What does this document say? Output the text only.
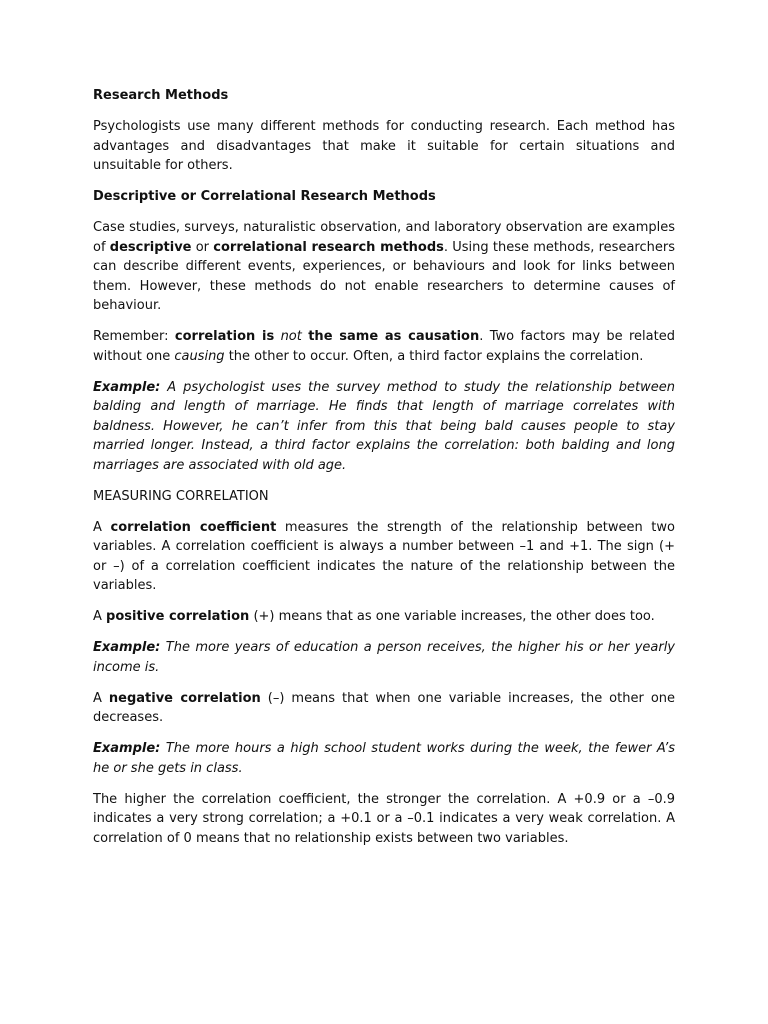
Research Methods

Psychologists use many different methods for conducting research. Each method has advantages and disadvantages that make it suitable for certain situations and unsuitable for others.

Descriptive or Correlational Research Methods

Case studies, surveys, naturalistic observation, and laboratory observation are examples of descriptive or correlational research methods. Using these methods, researchers can describe different events, experiences, or behaviours and look for links between them. However, these methods do not enable researchers to determine causes of behaviour.

Remember: correlation is not the same as causation. Two factors may be related without one causing the other to occur. Often, a third factor explains the correlation.

Example: A psychologist uses the survey method to study the relationship between balding and length of marriage. He finds that length of marriage correlates with baldness. However, he can’t infer from this that being bald causes people to stay married longer. Instead, a third factor explains the correlation: both balding and long marriages are associated with old age.

MEASURING CORRELATION

A correlation coefficient measures the strength of the relationship between two variables. A correlation coefficient is always a number between –1 and +1. The sign (+ or –) of a correlation coefficient indicates the nature of the relationship between the variables.

A positive correlation (+) means that as one variable increases, the other does too.

Example: The more years of education a person receives, the higher his or her yearly income is.

A negative correlation (–) means that when one variable increases, the other one decreases.

Example: The more hours a high school student works during the week, the fewer A’s he or she gets in class.

The higher the correlation coefficient, the stronger the correlation. A +0.9 or a –0.9 indicates a very strong correlation; a +0.1 or a –0.1 indicates a very weak correlation. A correlation of 0 means that no relationship exists between two variables.
